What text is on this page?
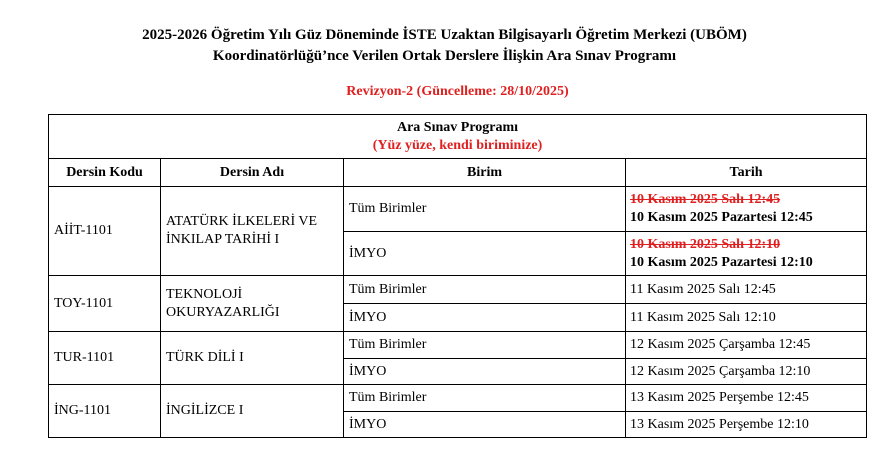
2025-2026 Öğretim Yılı Güz Döneminde İSTE Uzaktan Bilgisayarlı Öğretim Merkezi (UBÖM)
Koordinatörlüğü’nce Verilen Ortak Derslere İlişkin Ara Sınav Programı
Revizyon-2 (Güncelleme: 28/10/2025)
Ara Sınav Programı
(Yüz yüze, kendi biriminize)			

Dersin Kodu	Dersin Adı	Birim	Tarih
AİİT-1101	ATATÜRK İLKELERİ VE İNKILAP TARİHİ I	Tüm Birimler	10 Kasım 2025 Salı 12:45
10 Kasım 2025 Pazartesi 12:45

		İMYO	10 Kasım 2025 Salı 12:10
10 Kasım 2025 Pazartesi 12:10

TOY-1101	TEKNOLOJİ OKURYAZARLIĞI	Tüm Birimler	11 Kasım 2025 Salı 12:45
		İMYO	11 Kasım 2025 Salı 12:10
TUR-1101	TÜRK DİLİ I	Tüm Birimler	12 Kasım 2025 Çarşamba 12:45
		İMYO	12 Kasım 2025 Çarşamba 12:10
İNG-1101	İNGİLİZCE I	Tüm Birimler	13 Kasım 2025 Perşembe 12:45
		İMYO	13 Kasım 2025 Perşembe 12:10
